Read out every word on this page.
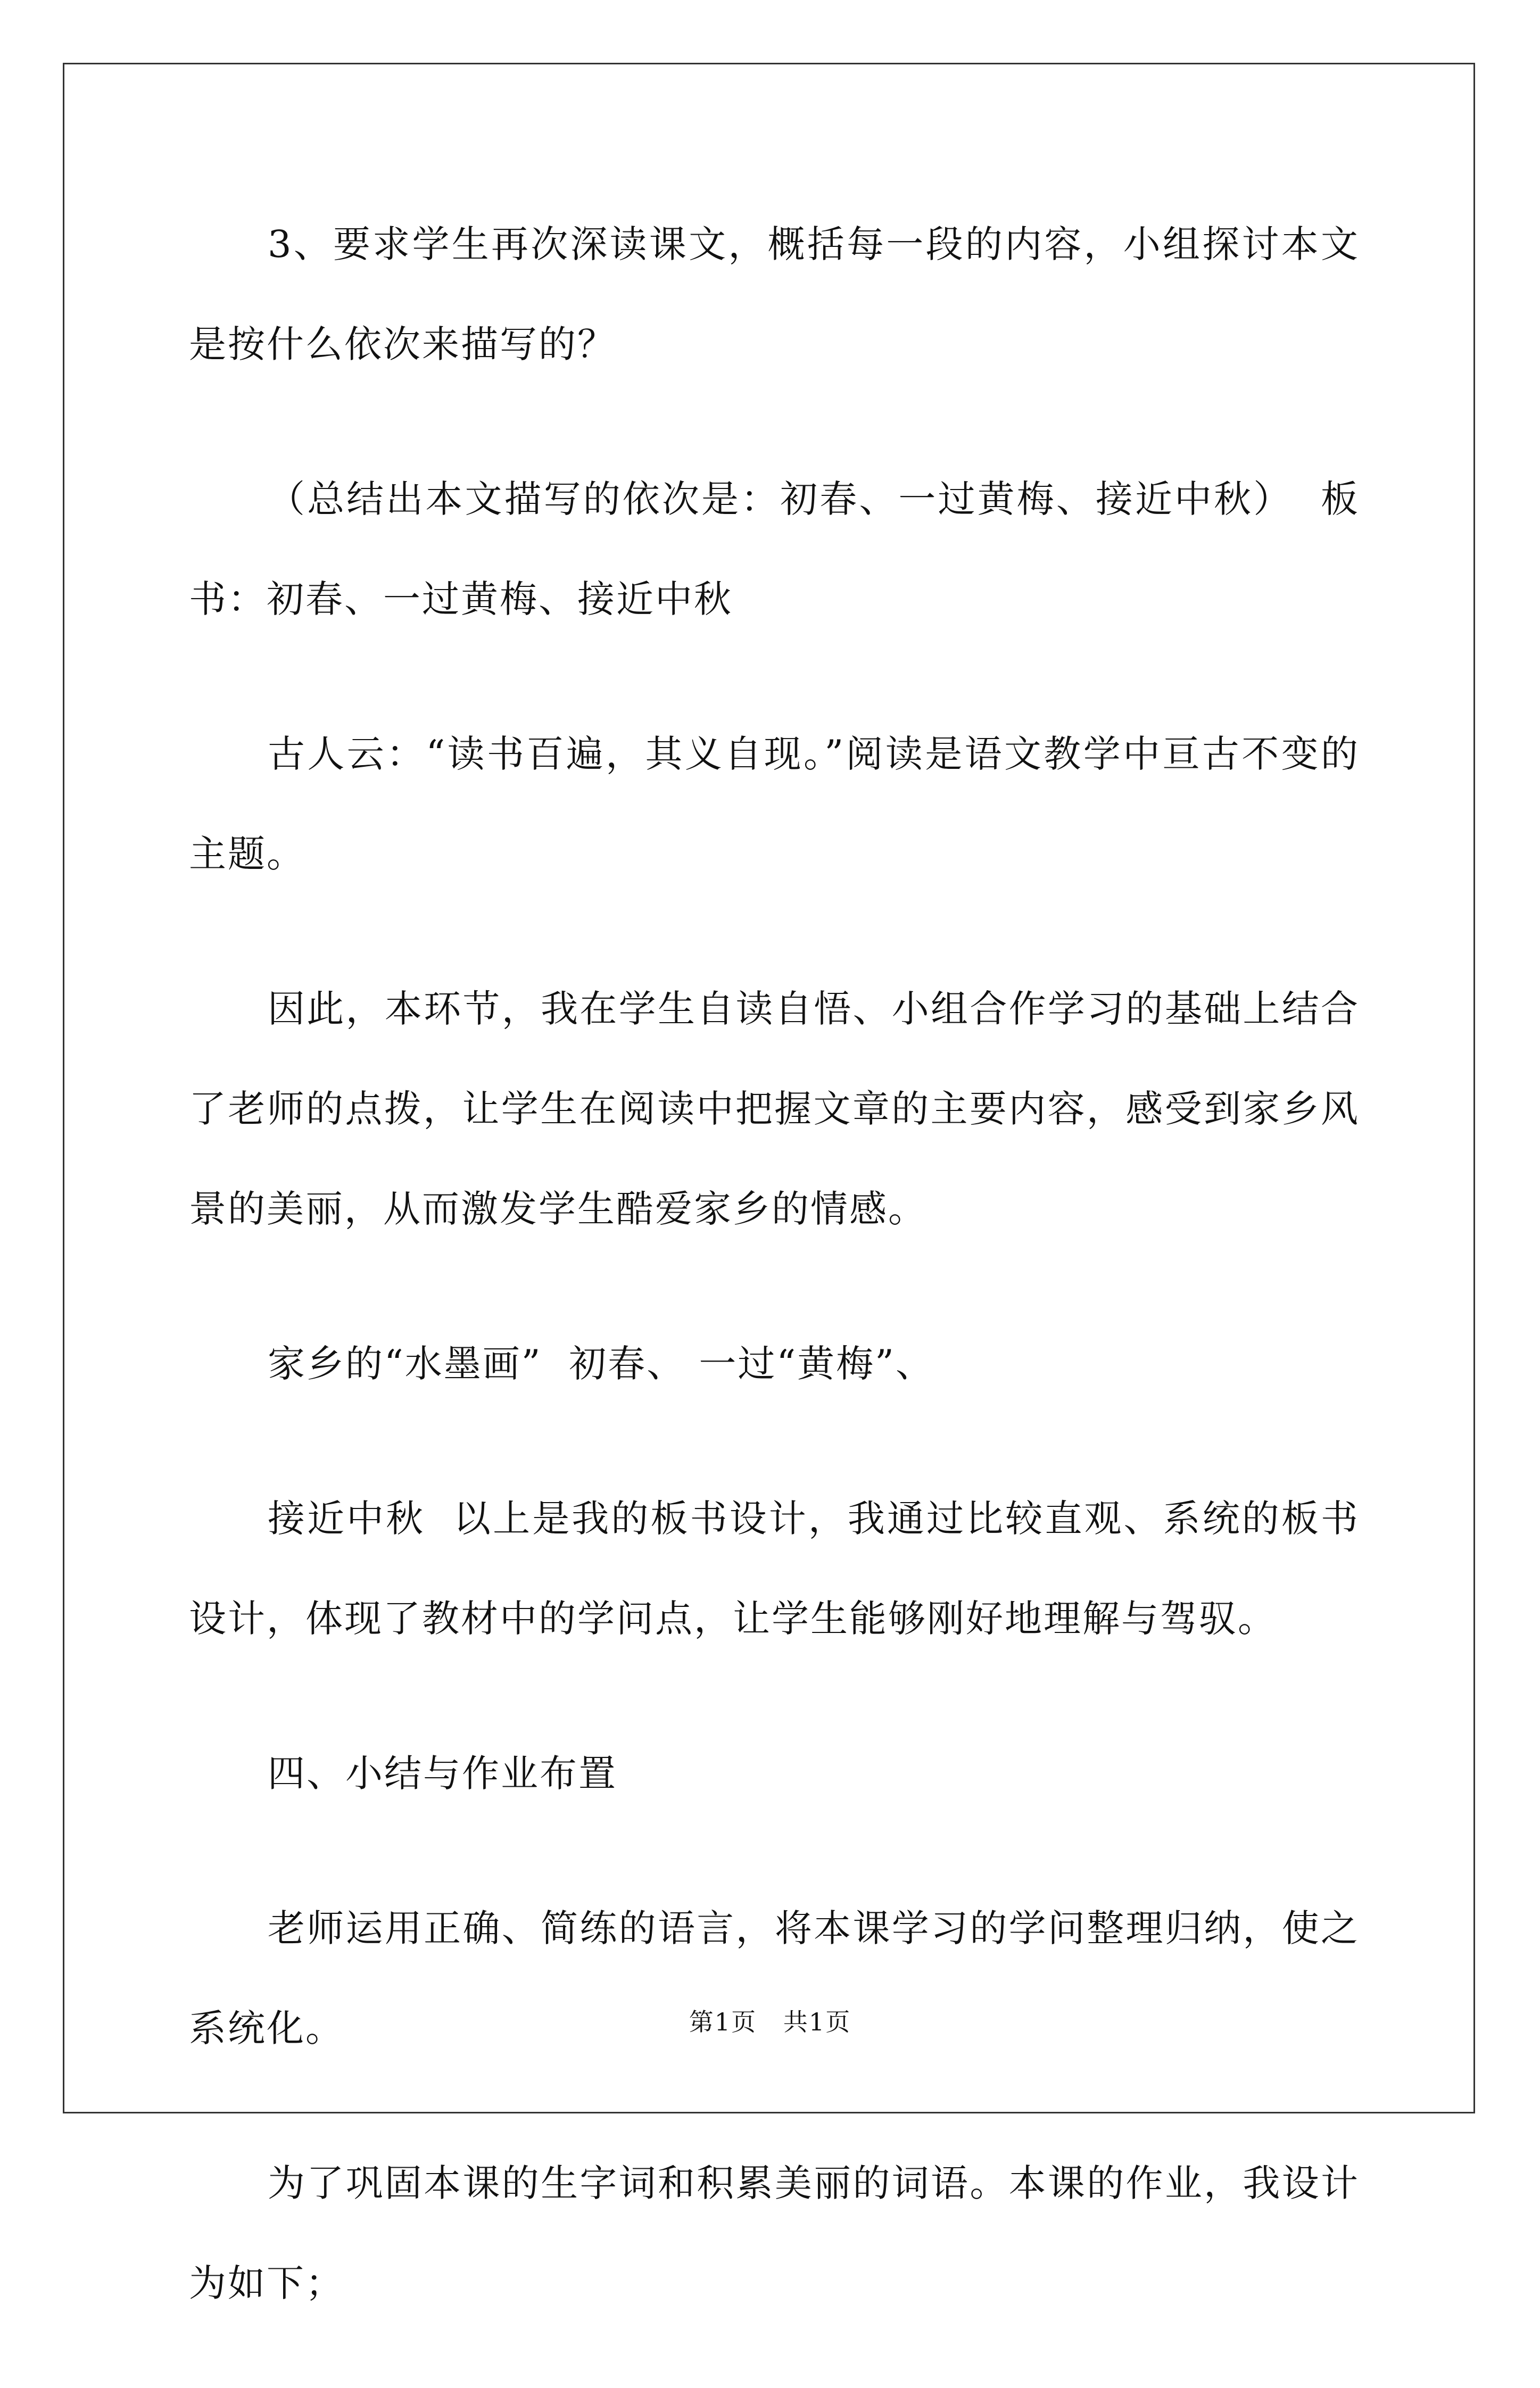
3、要求学生再次深读课文，概括每一段的内容，小组探讨本文是按什么依次来描写的？

（总结出本文描写的依次是：初春、一过黄梅、接近中秋）  板书：初春、一过黄梅、接近中秋

古人云：“读书百遍，其义自现。”阅读是语文教学中亘古不变的主题。

因此，本环节，我在学生自读自悟、小组合作学习的基础上结合了老师的点拨，让学生在阅读中把握文章的主要内容，感受到家乡风景的美丽，从而激发学生酷爱家乡的情感。

家乡的“水墨画”  初春、 一过“黄梅”、

接近中秋  以上是我的板书设计，我通过比较直观、系统的板书设计，体现了教材中的学问点，让学生能够刚好地理解与驾驭。

四、小结与作业布置

老师运用正确、简练的语言，将本课学习的学问整理归纳，使之系统化。

为了巩固本课的生字词和积累美丽的词语。本课的作业，我设计为如下；

第1页   共1页
